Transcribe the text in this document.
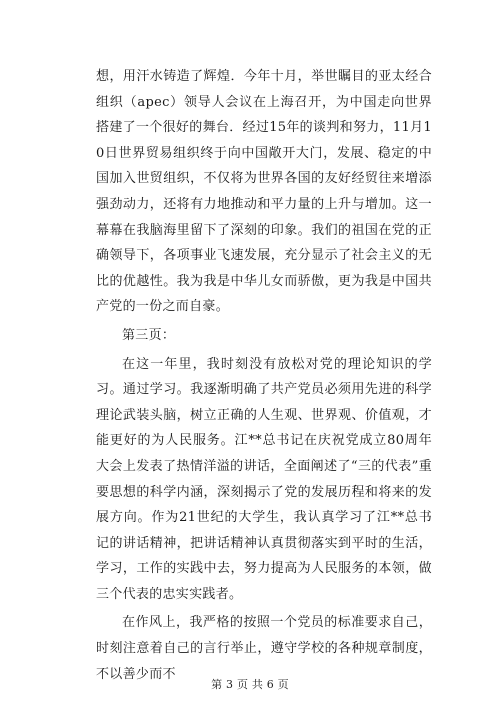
想，用汗水铸造了辉煌．今年十月，举世瞩目的亚太经合组织（apec）领导人会议在上海召开，为中国走向世界搭建了一个很好的舞台．经过15年的谈判和努力，11月10日世界贸易组织终于向中国敞开大门，发展、稳定的中国加入世贸组织，不仅将为世界各国的友好经贸往来增添强劲动力，还将有力地推动和平力量的上升与增加。这一幕幕在我脑海里留下了深刻的印象。我们的祖国在党的正确领导下，各项事业飞速发展，充分显示了社会主义的无比的优越性。我为我是中华儿女而骄傲，更为我是中国共产党的一份之而自豪。

第三页：

在这一年里，我时刻没有放松对党的理论知识的学习。通过学习。我逐渐明确了共产党员必须用先进的科学理论武装头脑，树立正确的人生观、世界观、价值观，才能更好的为人民服务。江**总书记在庆祝党成立80周年大会上发表了热情洋溢的讲话，全面阐述了“三的代表”重要思想的科学内涵，深刻揭示了党的发展历程和将来的发展方向。作为21世纪的大学生，我认真学习了江**总书记的讲话精神，把讲话精神认真贯彻落实到平时的生活，学习，工作的实践中去，努力提高为人民服务的本领，做三个代表的忠实实践者。

在作风上，我严格的按照一个党员的标准要求自己，时刻注意着自己的言行举止，遵守学校的各种规章制度，不以善少而不

第 3 页 共 6 页
